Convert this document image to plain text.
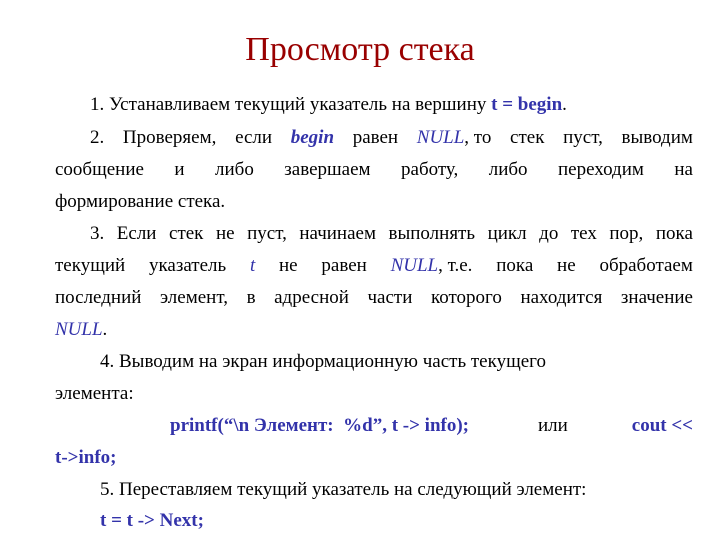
Просмотр стека
1. Устанавливаем текущий указатель на вершину t = begin.
2. Проверяем, если begin равен NULL, то стек пуст, выводим
сообщение и либо завершаем работу, либо переходим на
формирование стека.
3. Если стек не пуст, начинаем выполнять цикл до тех пор, пока
текущий указатель t не равен NULL, т.е. пока не обработаем
последний элемент, в адресной части которого находится значение
NULL.
4. Выводим на экран информационную часть текущего
элемента:
printf(“\n Элемент:  %d”, t -> info);	или	cout <<
t->info;
5. Переставляем текущий указатель на следующий элемент:
t = t -> Next;
